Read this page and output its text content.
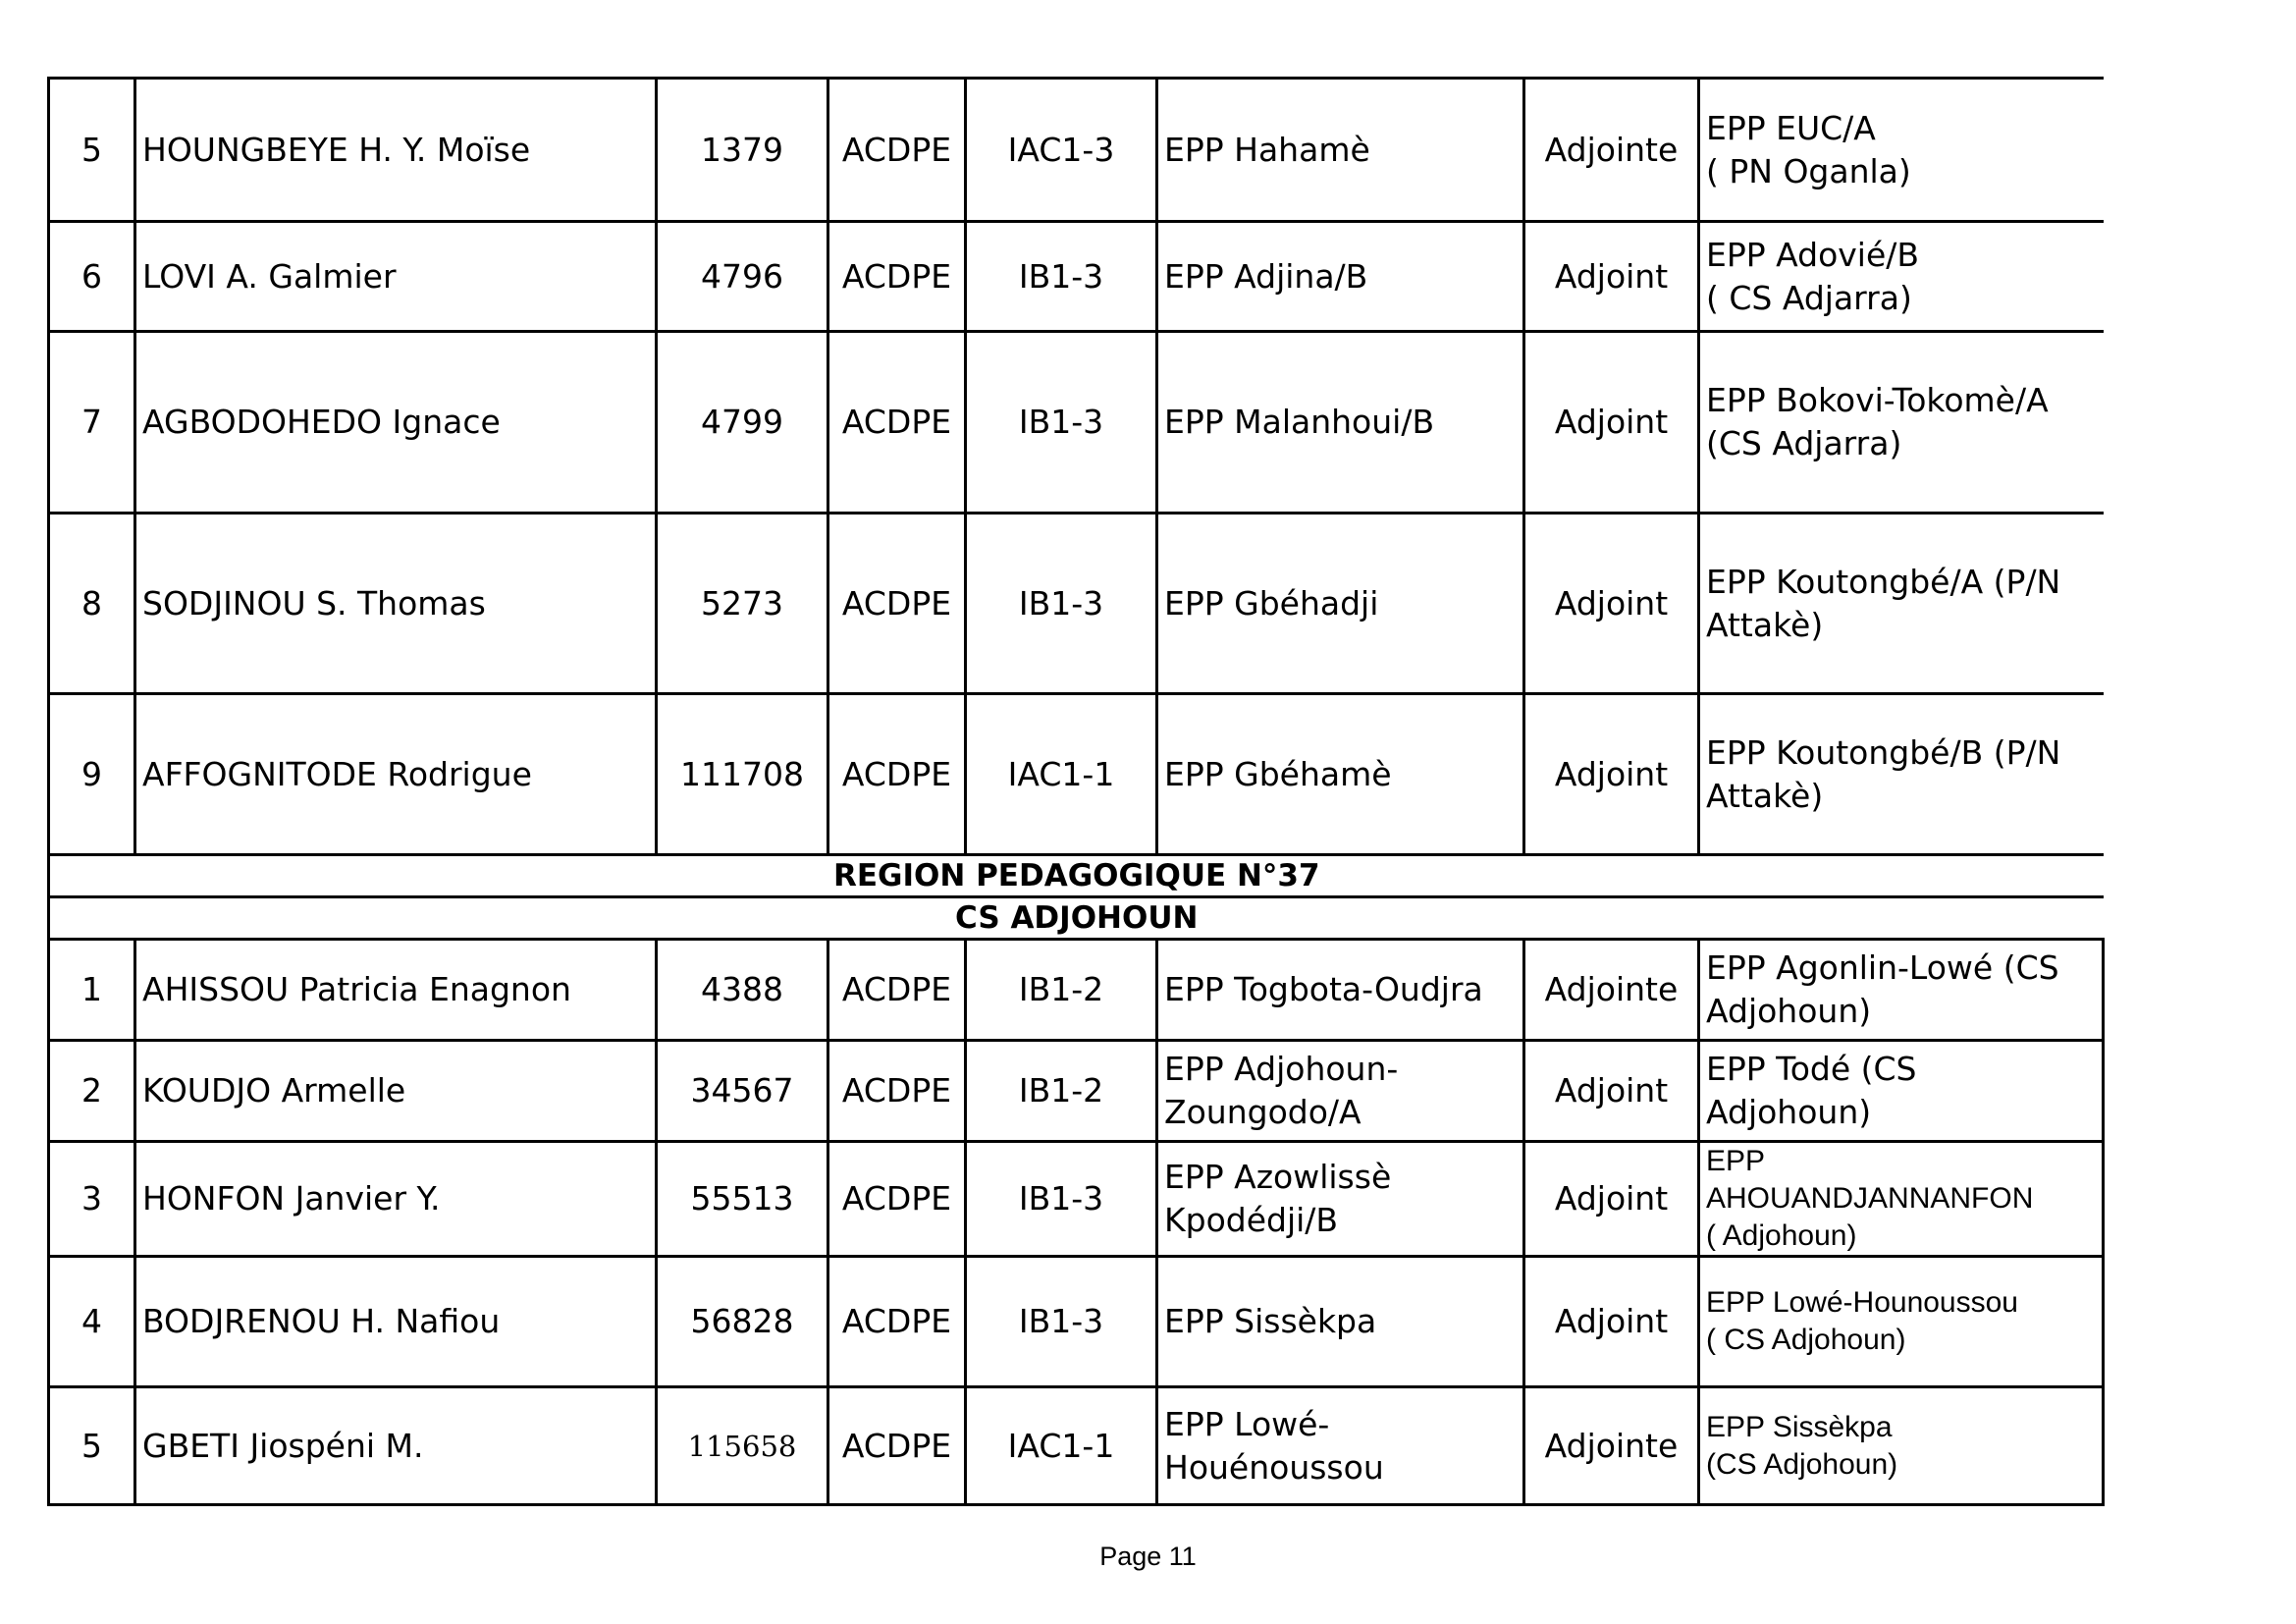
5	HOUNGBEYE H. Y. Moïse	1379	ACDPE	IAC1-3	EPP Hahamè	Adjointe	EPP EUC/A
( PN Oganla)
6	LOVI A. Galmier	4796	ACDPE	IB1-3	EPP Adjina/B	Adjoint	EPP Adovié/B
( CS Adjarra)
7	AGBODOHEDO Ignace	4799	ACDPE	IB1-3	EPP Malanhoui/B	Adjoint	EPP Bokovi-Tokomè/A
(CS Adjarra)
8	SODJINOU S. Thomas	5273	ACDPE	IB1-3	EPP Gbéhadji	Adjoint	EPP Koutongbé/A (P/N
Attakè)
9	AFFOGNITODE Rodrigue	111708	ACDPE	IAC1-1	EPP Gbéhamè	Adjoint	EPP Koutongbé/B (P/N
Attakè)
REGION PEDAGOGIQUE N°37							
CS ADJOHOUN							
1	AHISSOU Patricia Enagnon	4388	ACDPE	IB1-2	EPP Togbota-Oudjra	Adjointe	EPP Agonlin-Lowé (CS
Adjohoun)
2	KOUDJO Armelle	34567	ACDPE	IB1-2	EPP Adjohoun-
Zoungodo/A	Adjoint	EPP Todé (CS
Adjohoun)
3	HONFON Janvier Y.	55513	ACDPE	IB1-3	EPP Azowlissè
Kpodédji/B	Adjoint	EPP AHOUANDJANNANFON
( Adjohoun)
4	BODJRENOU H. Nafiou	56828	ACDPE	IB1-3	EPP Sissèkpa	Adjoint	EPP Lowé-Hounoussou
( CS Adjohoun)
5	GBETI Jiospéni M.	115658	ACDPE	IAC1-1	EPP Lowé-
Houénoussou	Adjointe	EPP Sissèkpa
(CS Adjohoun)
Page 11
